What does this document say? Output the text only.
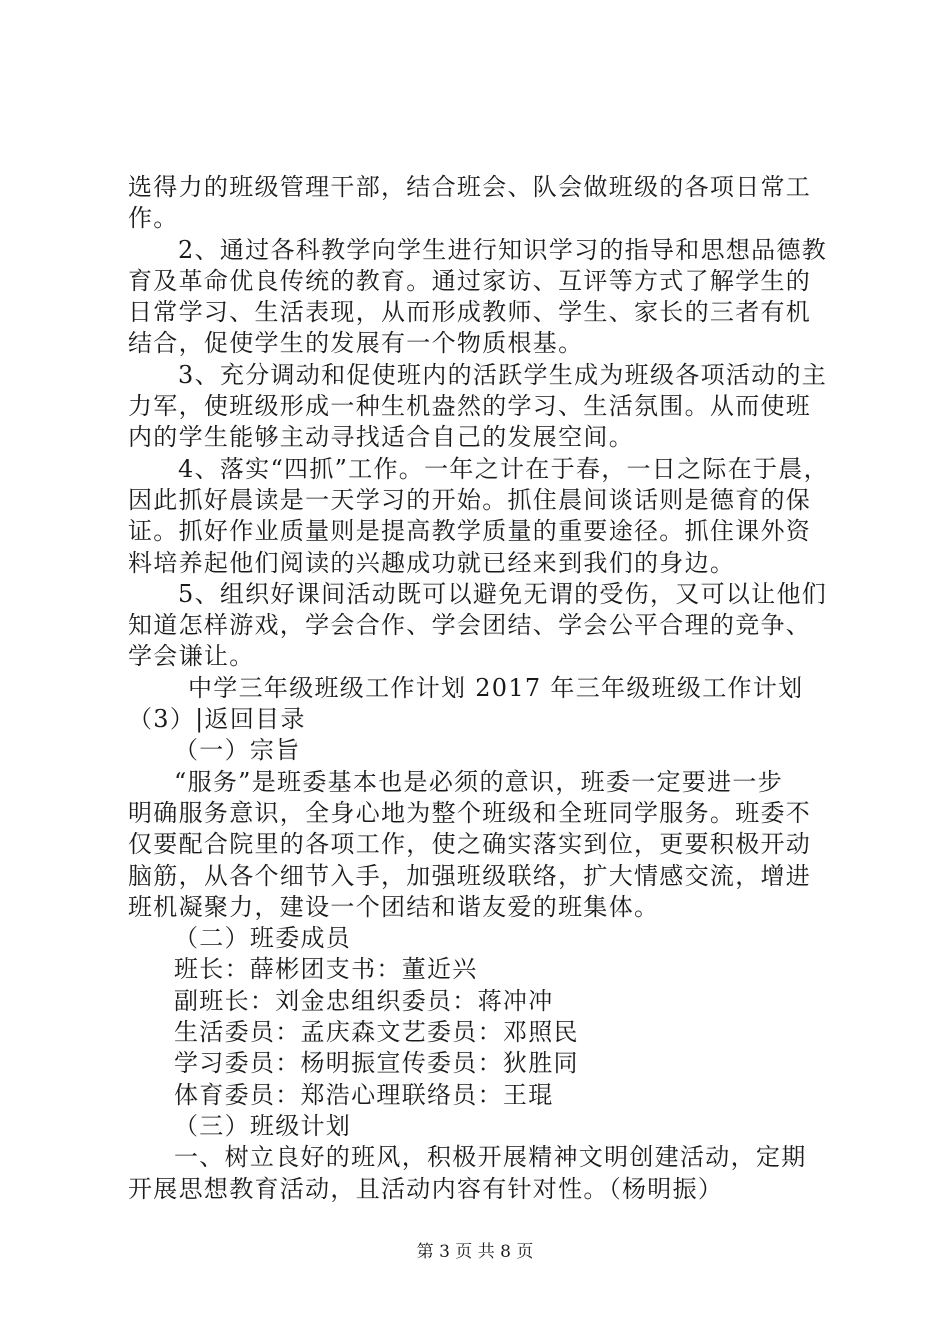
选得力的班级管理干部，结合班会、队会做班级的各项日常工
作。
2、通过各科教学向学生进行知识学习的指导和思想品德教
育及革命优良传统的教育。通过家访、互评等方式了解学生的
日常学习、生活表现，从而形成教师、学生、家长的三者有机
结合，促使学生的发展有一个物质根基。
3、充分调动和促使班内的活跃学生成为班级各项活动的主
力军，使班级形成一种生机盎然的学习、生活氛围。从而使班
内的学生能够主动寻找适合自己的发展空间。
4、落实“四抓”工作。一年之计在于春，一日之际在于晨，
因此抓好晨读是一天学习的开始。抓住晨间谈话则是德育的保
证。抓好作业质量则是提高教学质量的重要途径。抓住课外资
料培养起他们阅读的兴趣成功就已经来到我们的身边。
5、组织好课间活动既可以避免无谓的受伤，又可以让他们
知道怎样游戏，学会合作、学会团结、学会公平合理的竞争、
学会谦让。
中学三年级班级工作计划 2017 年三年级班级工作计划
（3）|返回目录
（一）宗旨
“服务”是班委基本也是必须的意识，班委一定要进一步
明确服务意识，全身心地为整个班级和全班同学服务。班委不
仅要配合院里的各项工作，使之确实落实到位，更要积极开动
脑筋，从各个细节入手，加强班级联络，扩大情感交流，增进
班机凝聚力，建设一个团结和谐友爱的班集体。
（二）班委成员
班长：薛彬团支书：董近兴
副班长：刘金忠组织委员：蒋冲冲
生活委员：孟庆森文艺委员：邓照民
学习委员：杨明振宣传委员：狄胜同
体育委员：郑浩心理联络员：王琨
（三）班级计划
一、树立良好的班风，积极开展精神文明创建活动，定期
开展思想教育活动，且活动内容有针对性。（杨明振）
第 3 页 共 8 页
